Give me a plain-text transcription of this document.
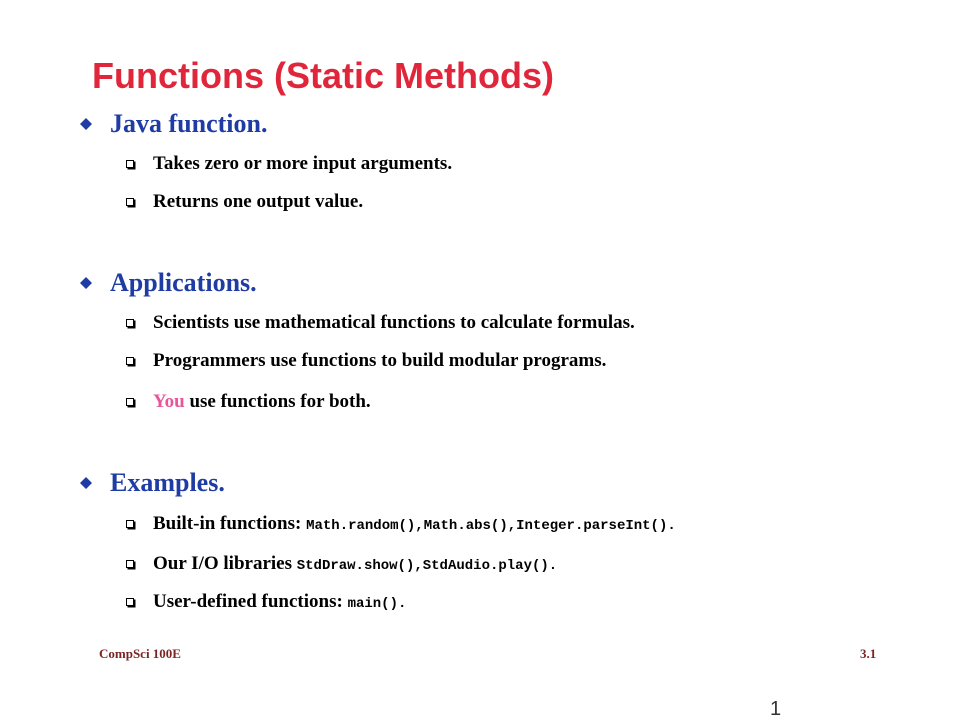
Functions (Static Methods)
Java function.
Takes zero or more input arguments.
Returns one output value.
Applications.
Scientists use mathematical functions to calculate formulas.
Programmers use functions to build modular programs.
You use functions for both.
Examples.
Built-in functions: Math.random(),Math.abs(),Integer.parseInt().
Our I/O libraries StdDraw.show(),StdAudio.play().
User-defined functions: main().
CompSci 100E	3.1
1
